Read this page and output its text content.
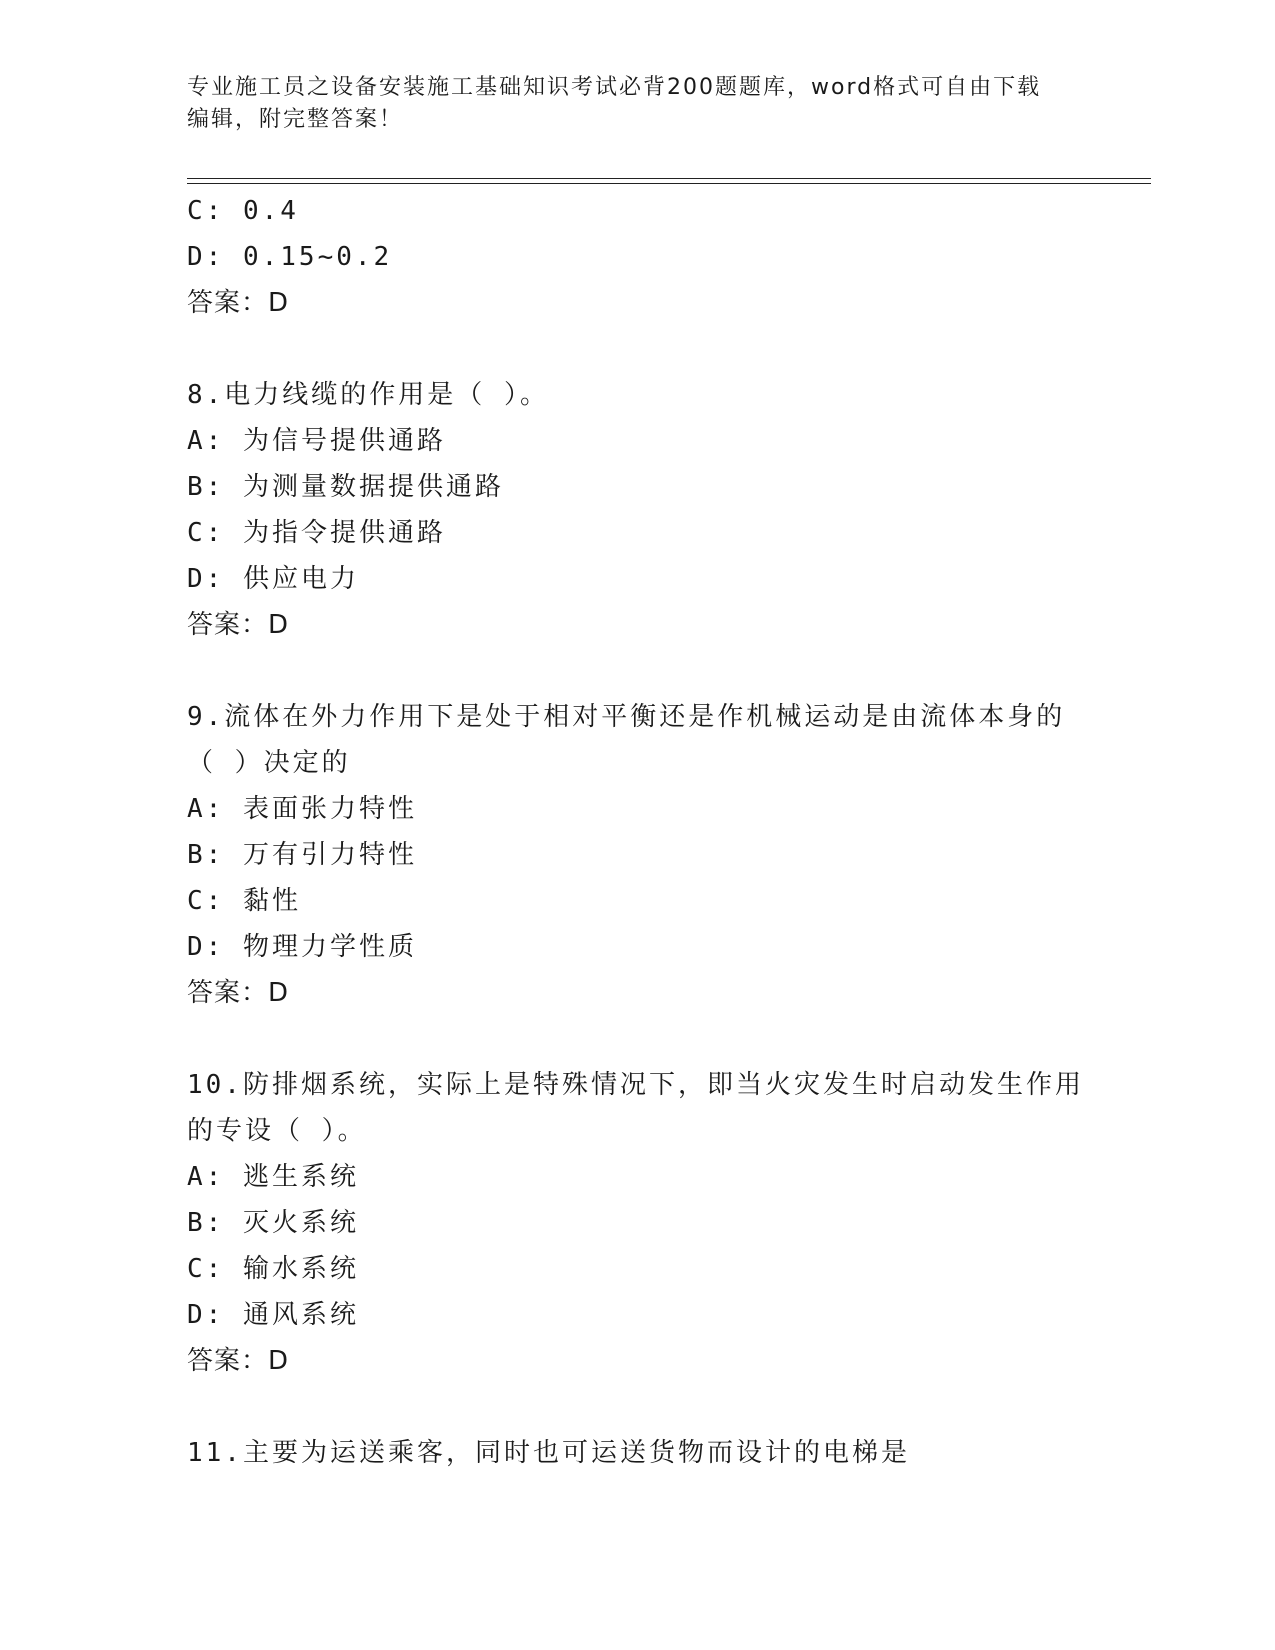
专业施工员之设备安装施工基础知识考试必背200题题库，word格式可自由下载
编辑，附完整答案！
C: 0.4
D: 0.15~0.2
答案：D
8.电力线缆的作用是（ ）。
A: 为信号提供通路
B: 为测量数据提供通路
C: 为指令提供通路
D: 供应电力
答案：D
9.流体在外力作用下是处于相对平衡还是作机械运动是由流体本身的
（ ）决定的
A: 表面张力特性
B: 万有引力特性
C: 黏性
D: 物理力学性质
答案：D
10.防排烟系统，实际上是特殊情况下，即当火灾发生时启动发生作用
的专设（ ）。
A: 逃生系统
B: 灭火系统
C: 输水系统
D: 通风系统
答案：D
11.主要为运送乘客，同时也可运送货物而设计的电梯是
